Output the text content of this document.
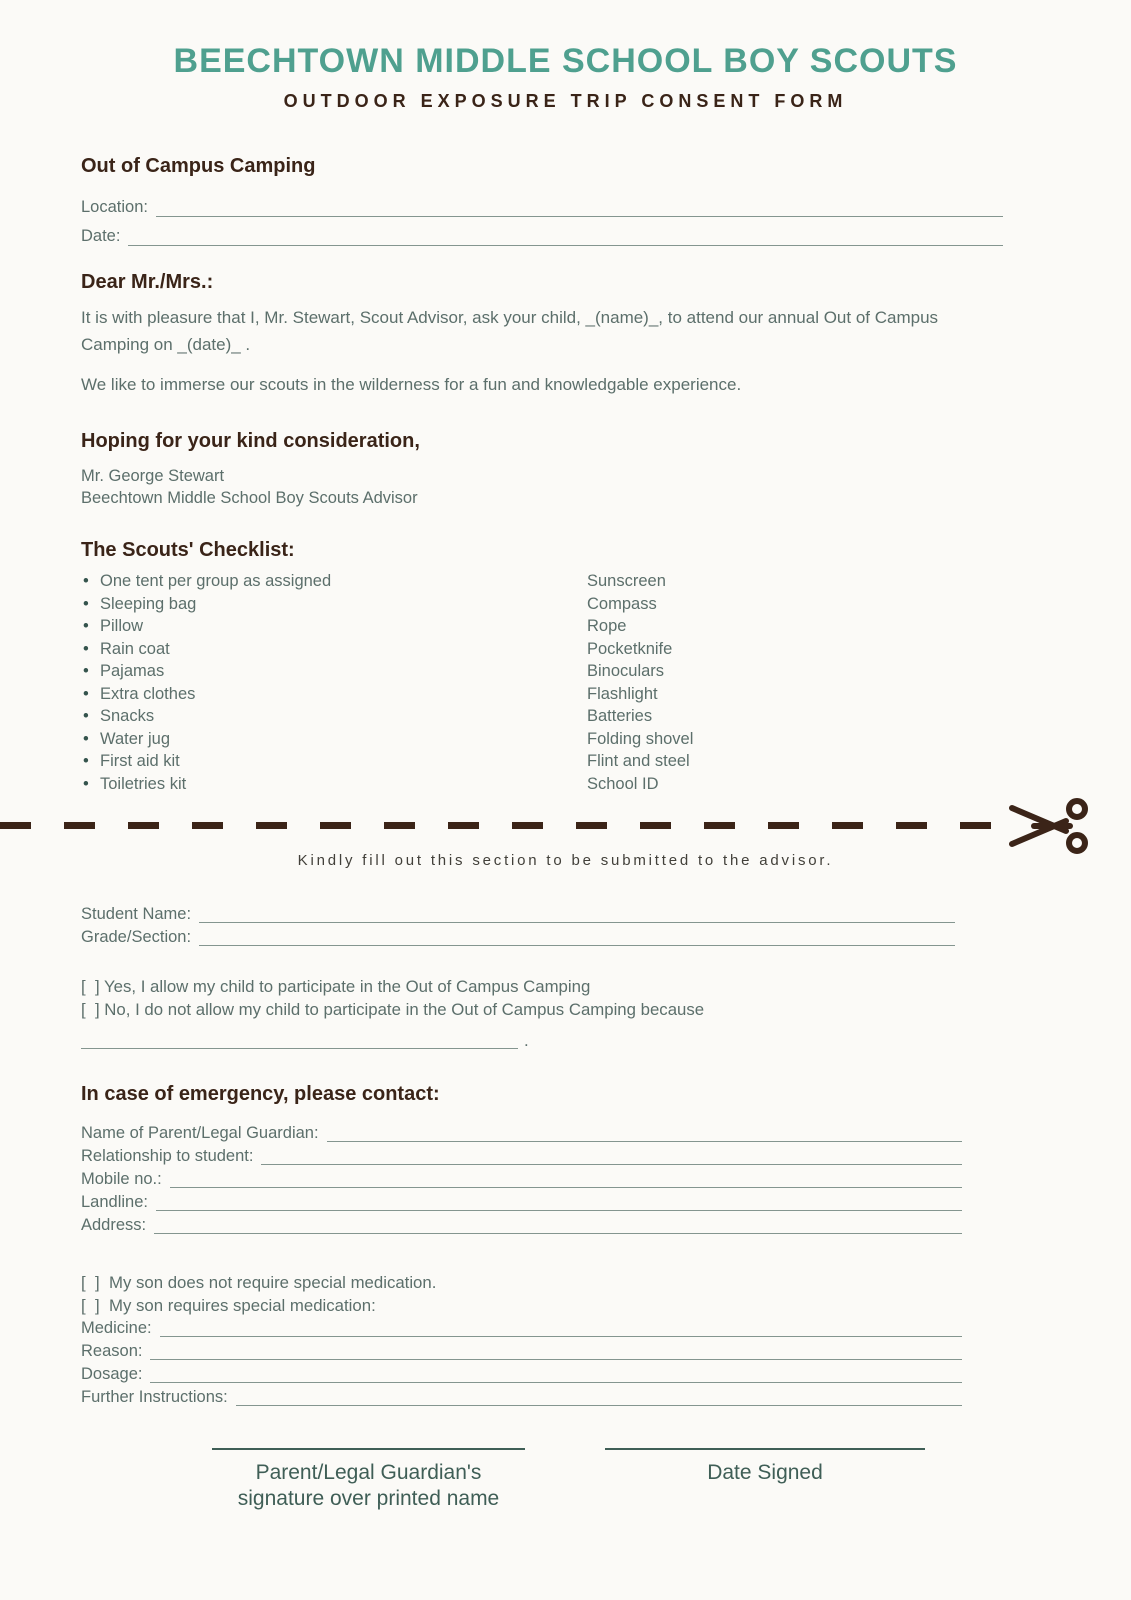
BEECHTOWN MIDDLE SCHOOL BOY SCOUTS
OUTDOOR EXPOSURE TRIP CONSENT FORM
Out of Campus Camping
Location:
Date:
Dear Mr./Mrs.:

It is with pleasure that I, Mr. Stewart, Scout Advisor, ask your child, _(name)_, to attend our annual Out of Campus Camping on _(date)_ .

We like to immerse our scouts in the wilderness for a fun and knowledgable experience.

Hoping for your kind consideration,
Mr. George Stewart
Beechtown Middle School Boy Scouts Advisor
The Scouts' Checklist:
• One tent per group as assigned
• Sleeping bag
• Pillow
• Rain coat
• Pajamas
• Extra clothes
• Snacks
• Water jug
• First aid kit
• Toiletries kit
Sunscreen
Compass
Rope
Pocketknife
Binoculars
Flashlight
Batteries
Folding shovel
Flint and steel
School ID
Kindly fill out this section to be submitted to the advisor.
Student Name:
Grade/Section:
[  ] Yes, I allow my child to participate in the Out of Campus Camping
[  ] No, I do not allow my child to participate in the Out of Campus Camping because
.
In case of emergency, please contact:
Name of Parent/Legal Guardian:
Relationship to student:
Mobile no.:
Landline:
Address:
[  ]  My son does not require special medication.
[  ]  My son requires special medication:
Medicine:
Reason:
Dosage:
Further Instructions:
Parent/Legal Guardian's
signature over printed name
Date Signed
